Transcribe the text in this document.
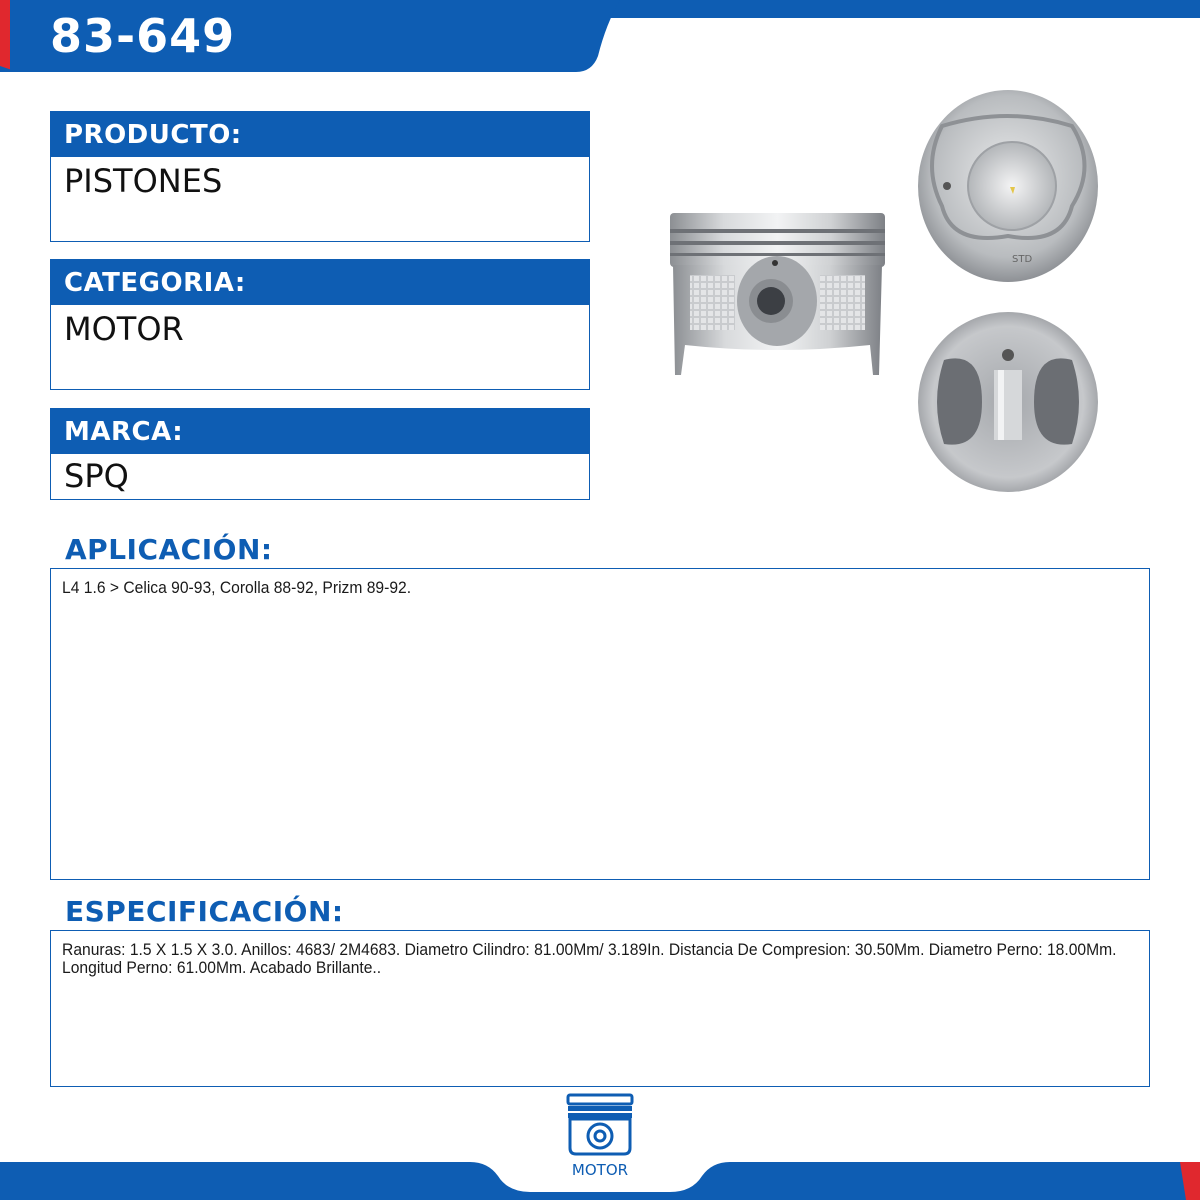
83-649
PRODUCTO:
PISTONES
CATEGORIA:
MOTOR
MARCA:
SPQ
STD
APLICACIÓN:
L4 1.6 > Celica 90-93, Corolla 88-92, Prizm 89-92.
ESPECIFICACIÓN:
Ranuras: 1.5 X 1.5 X 3.0. Anillos: 4683/ 2M4683. Diametro Cilindro: 81.00Mm/ 3.189In. Distancia De Compresion: 30.50Mm. Diametro Perno: 18.00Mm. Longitud Perno: 61.00Mm. Acabado Brillante..
MOTOR
